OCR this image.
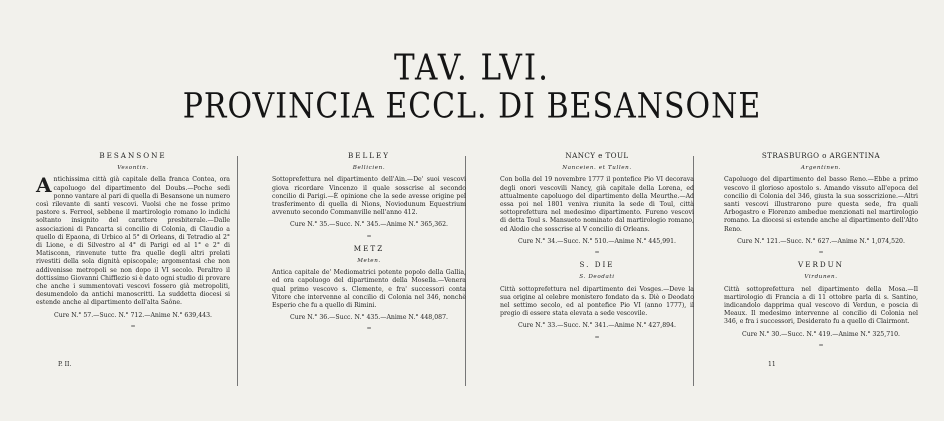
TAV. LVI.
PROVINCIA ECCL. DI BESANSONE
BESANSONE
Vesontin.

Antichissima città già capitale della franca Contea, ora capoluogo del dipartimento del Doubs.—Poche sedi ponno vantare al pari di quella di Besansone un numero così rilevante di santi vescovi. Vuolsi che ne fosse primo pastore s. Ferreol, sebbene il martirologio romano lo indichi soltanto insignito del carattere presbiterale.—Dalle associazioni di Pancarta si concilio di Colonia, di Claudio a quello di Epaona, di Urbico al 5° di Orleans, di Tetradio al 2° di Lione, e di Silvestro al 4° di Parigi ed al 1° e 2° di Matisconn, rinvenute tutte fra quelle degli altri prelati rivestiti della sola dignità episcopale; argomentasi che non addivenisse metropoli se non dopo il VI secolo. Peraltro il dottissimo Giovanni Chifflezio si è dato ogni studio di provare che anche i summentovati vescovi fossero già metropoliti, desumendolo da antichi manoscritti. La suddetta diocesi si estende anche al dipartimento dell'alta Saône.

Cure N.° 57.—Succ. N.° 712.—Anime N.° 639,443.
═
BELLEY
Bellicien.

Sottoprefettura nel dipartimento dell'Ain.—De' suoi vescovi giova ricordare Vincenzo il quale sosscrise al secondo concilio di Parigi.—È opinione che la sede avesse origine pel trasferimento di quella di Nions, Noviodunum Equestrium avvenuto secondo Commanville nell'anno 412.

Cure N.° 35.—Succ. N.° 345.—Anime N.° 365,362.
═
METZ
Meten.

Antica capitale de' Mediomatrici potente popolo della Gallia, ed ora capoluogo del dipartimento della Mosella.—Venera qual primo vescovo s. Clemente, e fra' successori conta Vitore che intervenne al concilio di Colonia nel 346, nonchè Esperio che fu a quello di Rimini.

Cure N.° 36.—Succ. N.° 435.—Anime N.° 448,087.
═
NANCY e TOUL
Nanceien. et Tullen.

Con bolla del 19 novembre 1777 il pontefice Pio VI decorava degli onori vescovili Nancy, già capitale della Lorena, ed attualmente capoluogo del dipartimento della Meurthe.—Ad essa poi nel 1801 veniva riunita la sede di Toul, città sottoprefettura nel medesimo dipartimento. Fureno vescovi di detta Toul s. Mansueto nominato dal martirologio romano, ed Alodio che sosscrise al V concilio di Orleans.

Cure N.° 34.—Succ. N.° 510.—Anime N.° 445,991.
═
S. DIE
S. Deodati

Città sottoprefettura nel dipartimento dei Vosges.—Deve la sua origine al celebre monistero fondato da s. Diè o Deodato nel settimo secolo, ed al pontefice Pio VI (anno 1777), il pregio di essere stata elevata a sede vescovile.

Cure N.° 33.—Succ. N.° 341.—Anime N.° 427,894.
═
STRASBURGO o ARGENTINA
Argentinen.

Capoluogo del dipartimento del basso Reno.—Ebbe a primo vescovo il glorioso apostolo s. Amando vissuto all'epoca del concilio di Colonia del 346, giusta la sua sosscrizione.—Altri santi vescovi illustrarono pure questa sede, fra quali Arbogastro e Florenzo ambedue menzionati nel martirologio romano. La diocesi si estende anche al dipartimento dell'Alto Reno.

Cure N.° 121.—Succ. N.° 627.—Anime N.° 1,074,520.
═
VERDUN
Virdunen.

Città sottoprefettura nel dipartimento della Mosa.—Il martirologio di Francia a di 11 ottobre parla di s. Santino, indicandolo dapprima qual vescovo di Verdun, e poscia di Meaux. Il medesimo intervenne al concilio di Colonia nel 346, e fra i successori, Desiderato fu a quello di Clairmont.

Cure N.° 30.—Succ. N.° 419.—Anime N.° 325,710.
═
P. II.	11
